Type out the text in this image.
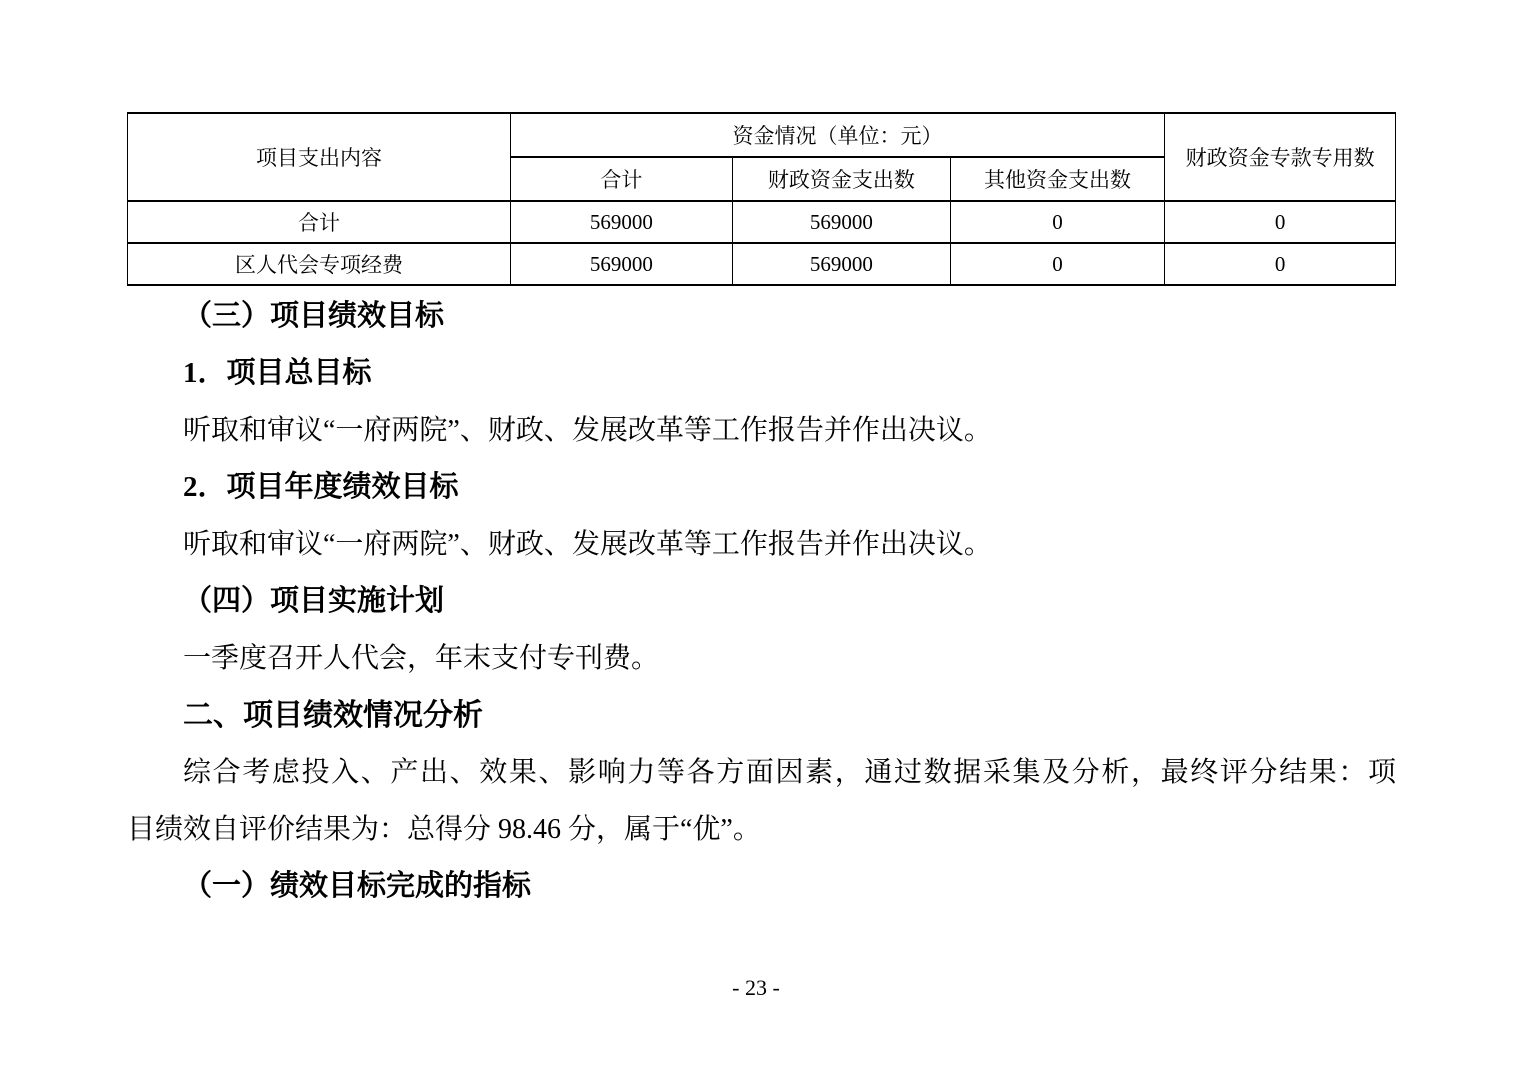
项目支出内容	资金情况（单位：元）			财政资金专款专用数
	合计	财政资金支出数	其他资金支出数	
合计	569000	569000	0	0
区人代会专项经费	569000	569000	0	0
（三）项目绩效目标
1．项目总目标
听取和审议“一府两院”、财政、发展改革等工作报告并作出决议。
2．项目年度绩效目标
听取和审议“一府两院”、财政、发展改革等工作报告并作出决议。
（四）项目实施计划
一季度召开人代会，年末支付专刊费。
二、项目绩效情况分析
综合考虑投入、产出、效果、影响力等各方面因素，通过数据采集及分析，最终评分结果：项
目绩效自评价结果为：总得分 98.46 分，属于“优”。
（一）绩效目标完成的指标
- 23 -
